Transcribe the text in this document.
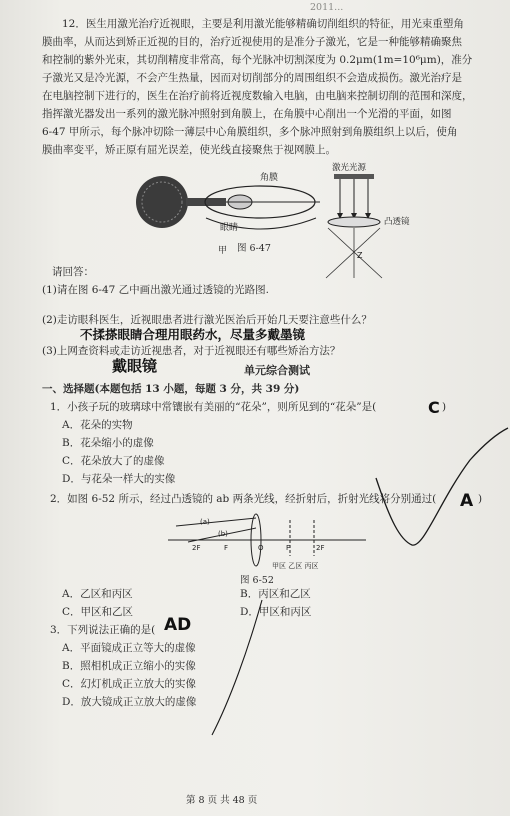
2011...
12．医生用激光治疗近视眼，主要是利用激光能够精确切削组织的特征，用光束重塑角
膜曲率，从而达到矫正近视的目的，治疗近视使用的是准分子激光，它是一种能够精确聚焦
和控制的紫外光束，其切削精度非常高，每个光脉冲切割深度为 0.2μm(1m=10⁶μm)，准分
子激光又是冷光源，不会产生热量，因而对切削部分的周围组织不会造成损伤。激光治疗是
在电脑控制下进行的，医生在治疗前将近视度数输入电脑，由电脑来控制切削的范围和深度，
指挥激光器发出一系列的激光脉冲照射到角膜上，在角膜中心削出一个光滑的平面，如图
6-47 甲所示，每个脉冲切除一薄层中心角膜组织，多个脉冲照射到角膜组织上以后，使角
膜曲率变平，矫正原有屈光误差，使光线直接聚焦于视网膜上。
角膜
眼睛
甲
激光光源
凸透镜
Z
图 6-47
请回答：
(1)请在图 6-47 乙中画出激光通过透镜的光路图.
(2)走访眼科医生，近视眼患者进行激光医治后开始几天要注意些什么？
不揉搽眼睛合理用眼药水，尽量多戴墨镜
(3)上网查资料或走访近视患者，对于近视眼还有哪些矫治方法？
戴眼镜	单元综合测试
一、选择题(本题包括 13 小题，每题 3 分，共 39 分)
1．小孩子玩的玻璃球中常镶嵌有美丽的“花朵”，则所见到的“花朵”是(	C )
A．花朵的实物
B．花朵缩小的虚像
C．花朵放大了的虚像
D．与花朵一样大的实像
2．如图 6-52 所示，经过凸透镜的 ab 两条光线，经折射后，折射光线将分别通过( A )
(a)
(b)
2F	F	O	F	2F
甲区 乙区 丙区
图 6-52
A．乙区和丙区	B．丙区和乙区
C．甲区和乙区	D．甲区和丙区
3．下列说法正确的是( AD
A．平面镜成正立等大的虚像
B．照相机成正立缩小的实像
C．幻灯机成正立放大的实像
D．放大镜成正立放大的虚像
第 8 页 共 48 页
